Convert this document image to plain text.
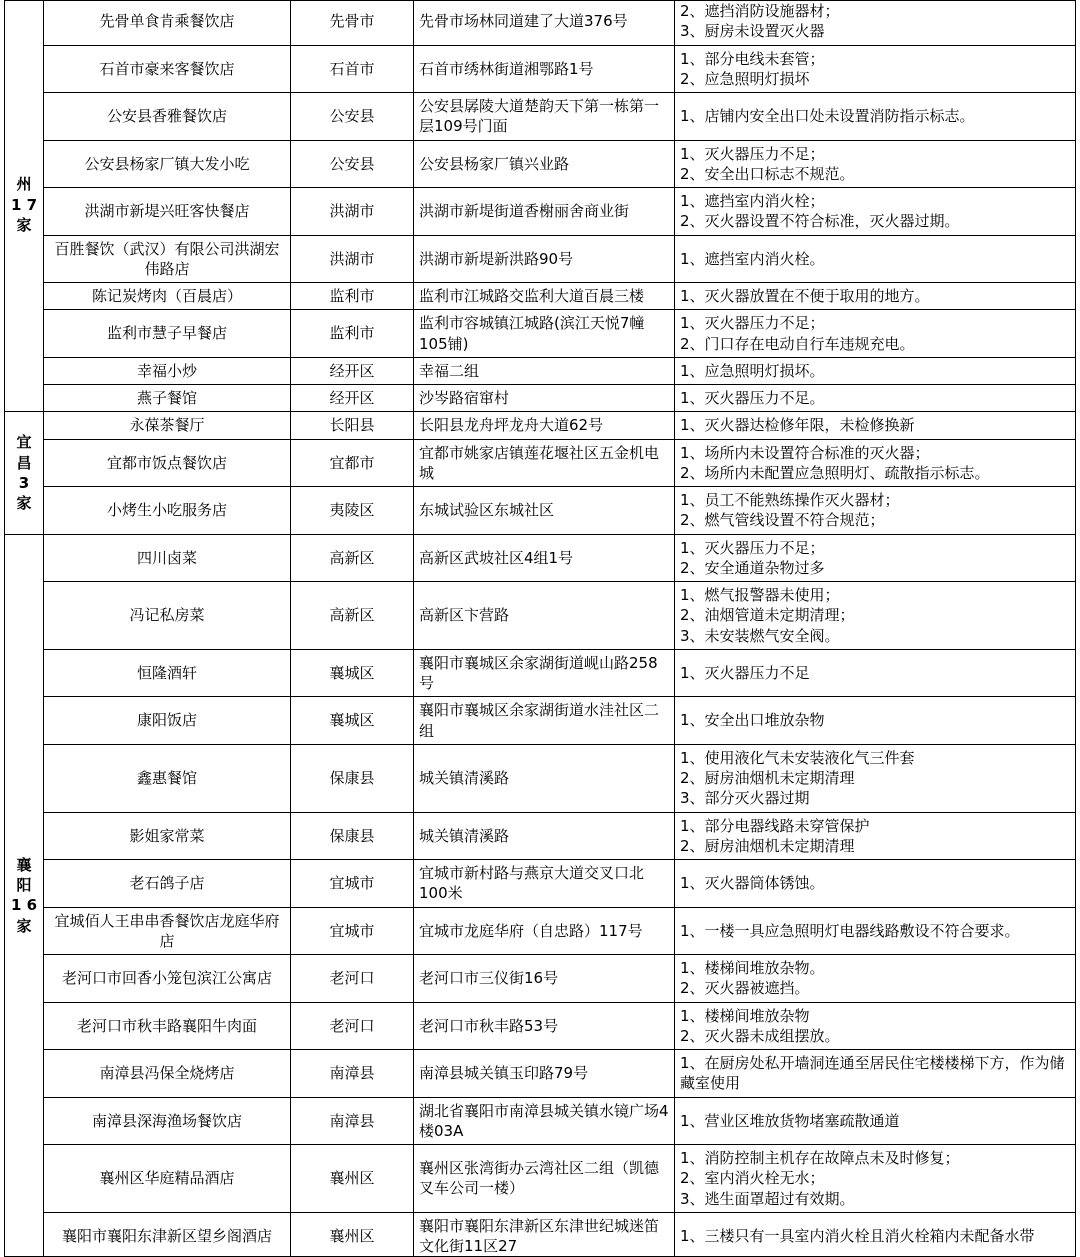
州 1 7 家	先骨单食肯乘餐饮店	先骨市	先骨市场林同道建了大道376号	2、遮挡消防设施器材；
3、厨房未设置灭火器

	石首市豪来客餐饮店	石首市	石首市绣林街道湘鄂路1号	1、部分电线未套管；
2、应急照明灯损坏

	公安县香雅餐饮店	公安县	公安县孱陵大道楚韵天下第一栋第一层109号门面	1、店铺内安全出口处未设置消防指示标志。

	公安县杨家厂镇大发小吃	公安县	公安县杨家厂镇兴业路	1、灭火器压力不足；
2、安全出口标志不规范。

	洪湖市新堤兴旺客快餐店	洪湖市	洪湖市新堤街道香榭丽舍商业街	1、遮挡室内消火栓；
2、灭火器设置不符合标准，灭火器过期。

	百胜餐饮（武汉）有限公司洪湖宏伟路店	洪湖市	洪湖市新堤新洪路90号	1、遮挡室内消火栓。

	陈记炭烤肉（百晨店）	监利市	监利市江城路交监利大道百晨三楼	1、灭火器放置在不便于取用的地方。

	监利市慧子早餐店	监利市	监利市容城镇江城路(滨江天悦7幢105铺)	1、灭火器压力不足；
2、门口存在电动自行车违规充电。

	幸福小炒	经开区	幸福二组	1、应急照明灯损坏。

	燕子餐馆	经开区	沙岑路宿窜村	1、灭火器压力不足。

宜 昌 3 家	永葆茶餐厅	长阳县	长阳县龙舟坪龙舟大道62号	1、灭火器达检修年限，未检修换新

	宜都市饭点餐饮店	宜都市	宜都市姚家店镇莲花堰社区五金机电城	1、场所内未设置符合标准的灭火器；
2、场所内未配置应急照明灯、疏散指示标志。

	小烤生小吃服务店	夷陵区	东城试验区东城社区	1、员工不能熟练操作灭火器材；
2、燃气管线设置不符合规范；

襄 阳 1 6 家	四川卤菜	高新区	高新区武坡社区4组1号	1、灭火器压力不足；
2、安全通道杂物过多

	冯记私房菜	高新区	高新区卞营路	1、燃气报警器未使用；
2、油烟管道未定期清理；
3、未安装燃气安全阀。

	恒隆酒轩	襄城区	襄阳市襄城区余家湖街道岘山路258号	1、灭火器压力不足

	康阳饭店	襄城区	襄阳市襄城区余家湖街道水洼社区二组	1、安全出口堆放杂物

	鑫惠餐馆	保康县	城关镇清溪路	1、使用液化气未安装液化气三件套
2、厨房油烟机未定期清理
3、部分灭火器过期

	影姐家常菜	保康县	城关镇清溪路	1、部分电器线路未穿管保护
2、厨房油烟机未定期清理

	老石鸽子店	宜城市	宜城市新村路与燕京大道交叉口北100米	1、灭火器筒体锈蚀。

	宜城佰人王串串香餐饮店龙庭华府店	宜城市	宜城市龙庭华府（自忠路）117号	1、一楼一具应急照明灯电器线路敷设不符合要求。

	老河口市回香小笼包滨江公寓店	老河口	老河口市三仪街16号	1、楼梯间堆放杂物。
2、灭火器被遮挡。

	老河口市秋丰路襄阳牛肉面	老河口	老河口市秋丰路53号	1、楼梯间堆放杂物
2、灭火器未成组摆放。

	南漳县冯保全烧烤店	南漳县	南漳县城关镇玉印路79号	1、在厨房处私开墙洞连通至居民住宅楼楼梯下方，作为储藏室使用

	南漳县深海渔场餐饮店	南漳县	湖北省襄阳市南漳县城关镇水镜广场4楼03A	1、营业区堆放货物堵塞疏散通道

	襄州区华庭精品酒店	襄州区	襄州区张湾街办云湾社区二组（凯德叉车公司一楼）	1、消防控制主机存在故障点未及时修复；
2、室内消火栓无水；
3、逃生面罩超过有效期。

	襄阳市襄阳东津新区望乡阁酒店	襄州区	襄阳市襄阳东津新区东津世纪城迷笛文化街11区27	1、三楼只有一具室内消火栓且消火栓箱内未配备水带
